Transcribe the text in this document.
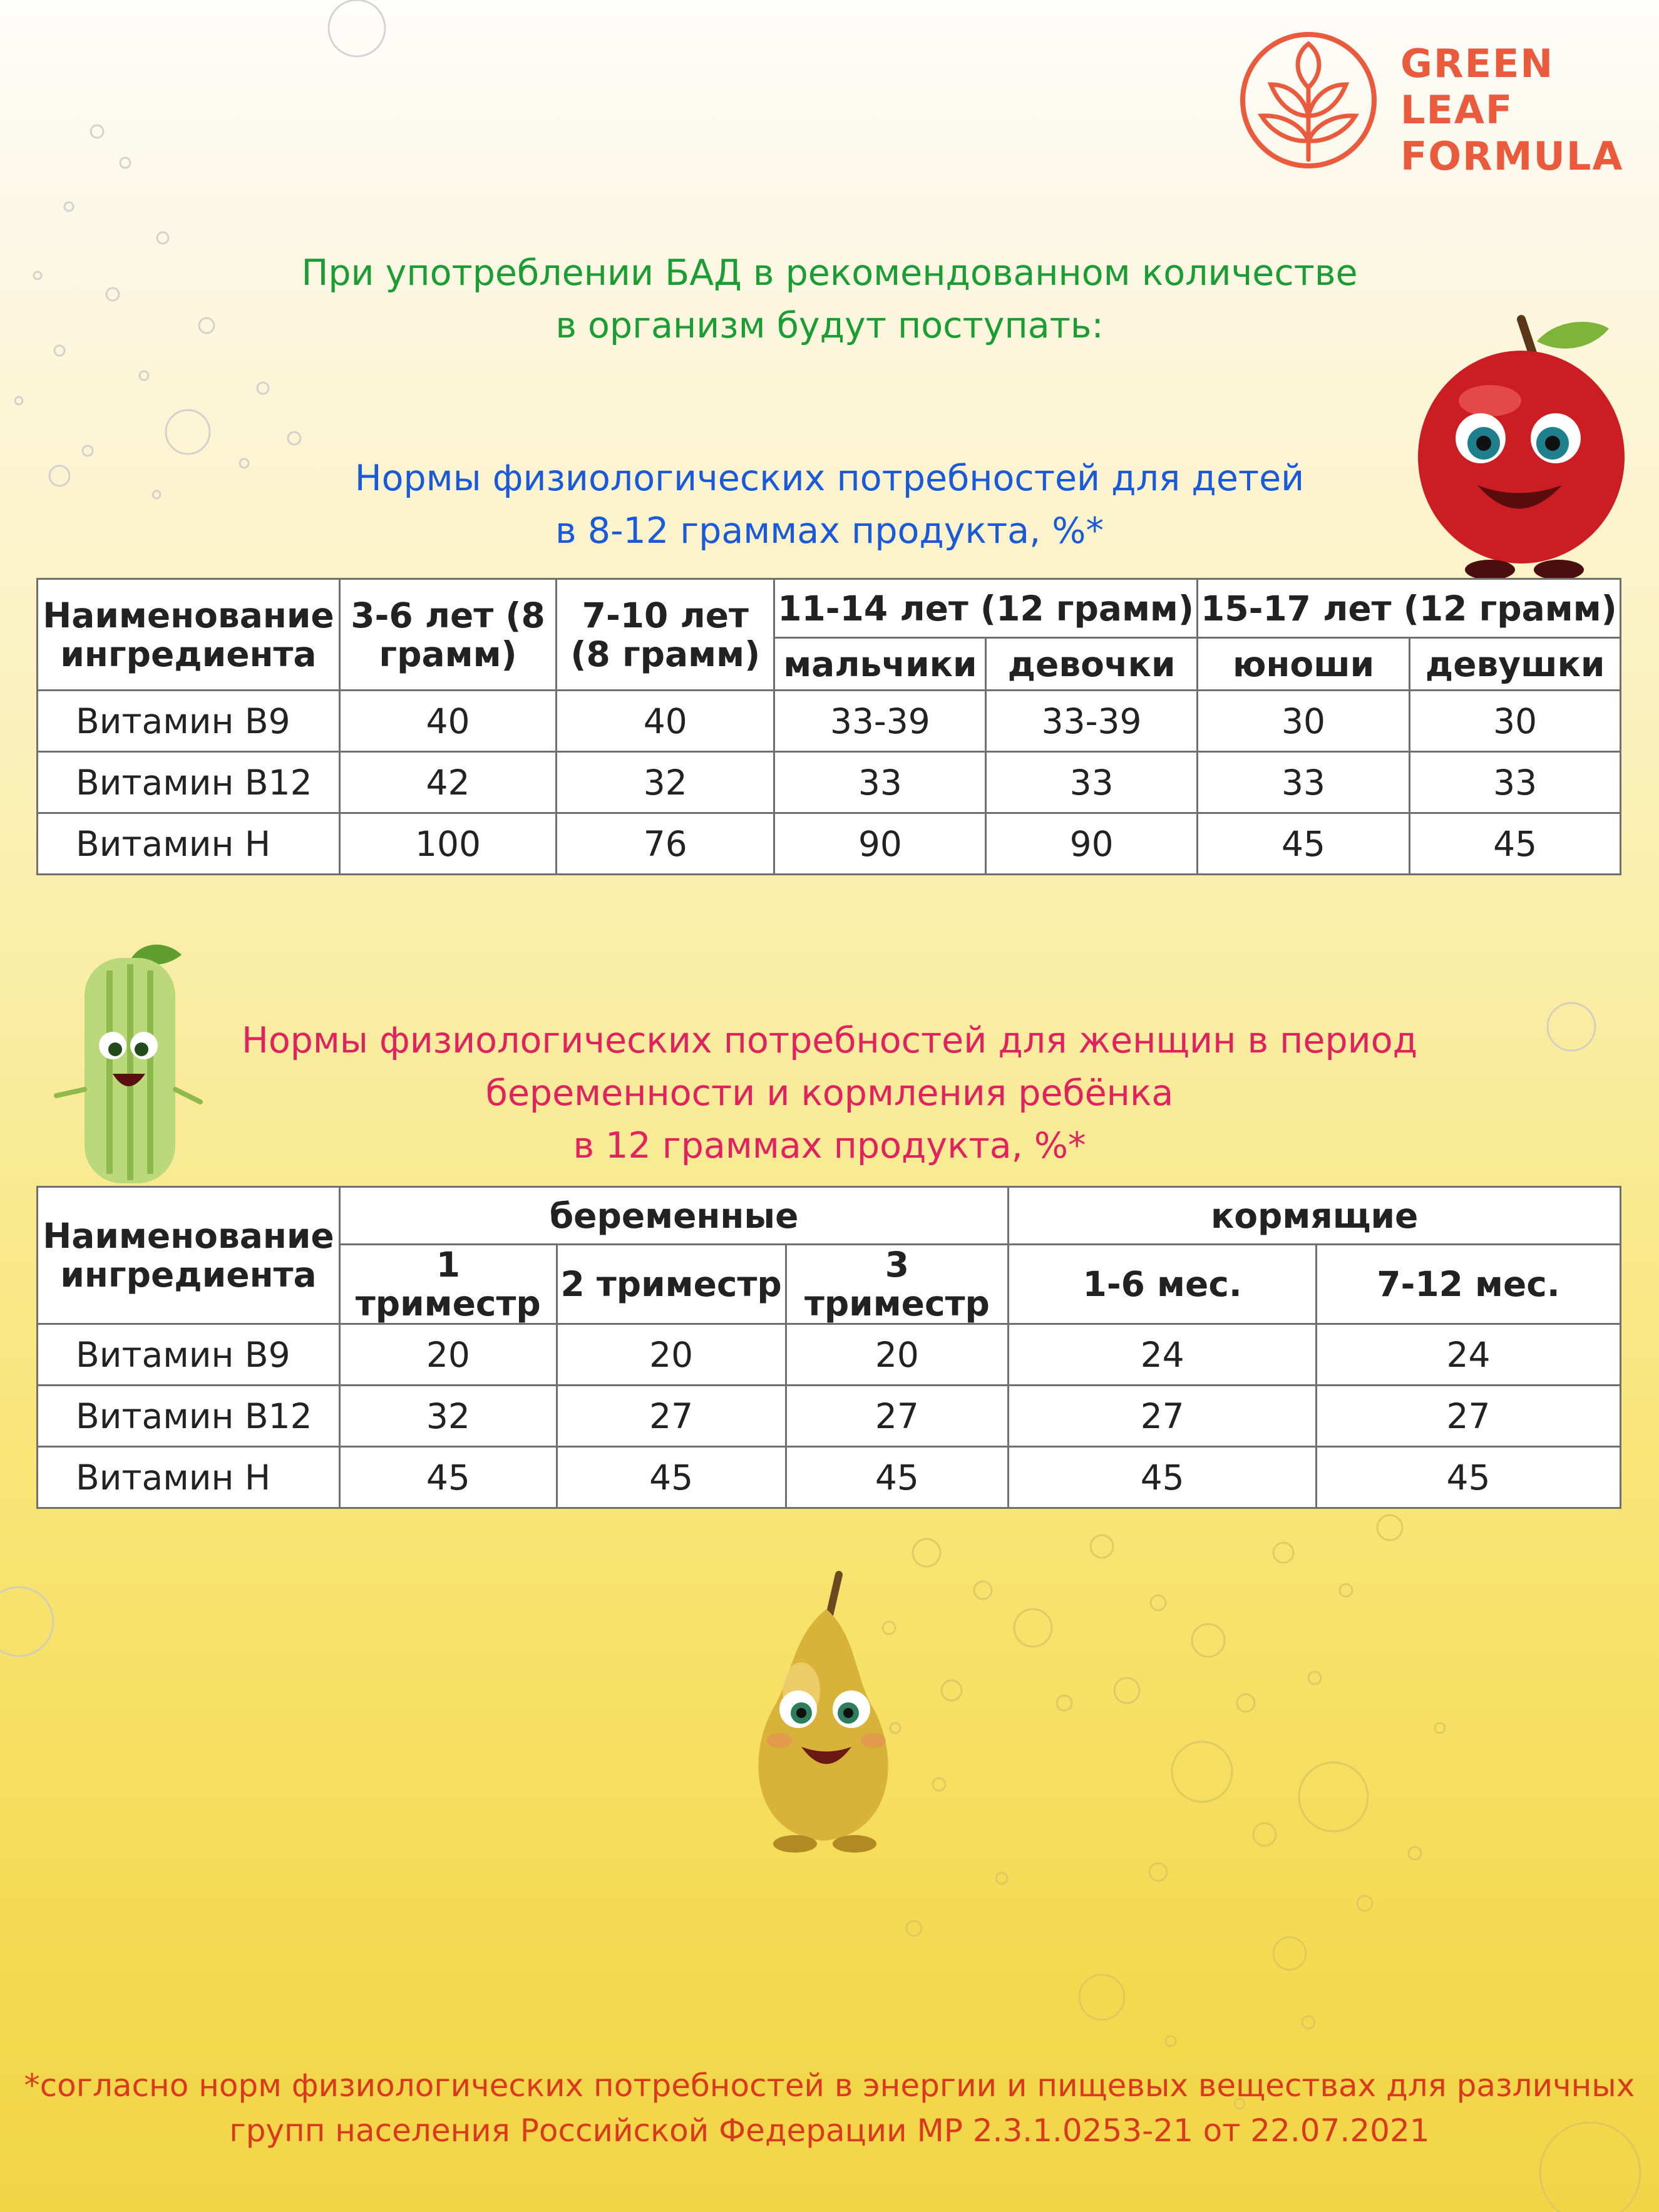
GREEN
LEAF
FORMULA
При употреблении БАД в рекомендованном количестве
в организм будут поступать:
Нормы физиологических потребностей для детей
в 8-12 граммах продукта, %*
Наименование ингредиента	3-6 лет (8 грамм)	7-10 лет (8 грамм)	11-14 лет (12 грамм)		15-17 лет (12 грамм)	
			мальчики	девочки	юноши	девушки
Витамин B9	40	40	33-39	33-39	30	30
Витамин B12	42	32	33	33	33	33
Витамин H	100	76	90	90	45	45
Нормы физиологических потребностей для женщин в период
беременности и кормления ребёнка
в 12 граммах продукта, %*
Наименование ингредиента	беременные			кормящие	
	1 триместр	2 триместр	3 триместр	1-6 мес.	7-12 мес.
Витамин B9	20	20	20	24	24
Витамин B12	32	27	27	27	27
Витамин H	45	45	45	45	45
*согласно норм физиологических потребностей в энергии и пищевых веществах для различных
групп населения Российской Федерации МР 2.3.1.0253-21 от 22.07.2021
